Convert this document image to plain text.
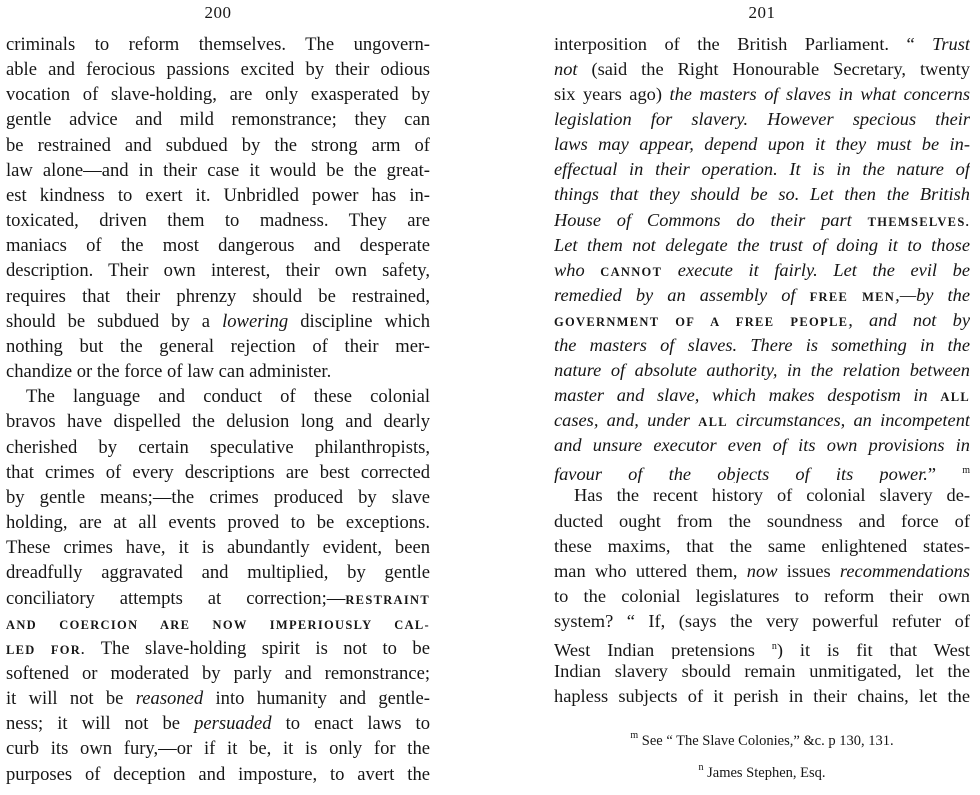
200
criminals to reform themselves. The ungovern-
able and ferocious passions excited by their odious
vocation of slave-holding, are only exasperated by
gentle advice and mild remonstrance; they can
be restrained and subdued by the strong arm of
law alone—and in their case it would be the great-
est kindness to exert it. Unbridled power has in-
toxicated, driven them to madness. They are
maniacs of the most dangerous and desperate
description. Their own interest, their own safety,
requires that their phrenzy should be restrained,
should be subdued by a lowering discipline which
nothing but the general rejection of their mer-
chandize or the force of law can administer.
The language and conduct of these colonial
bravos have dispelled the delusion long and dearly
cherished by certain speculative philanthropists,
that crimes of every descriptions are best corrected
by gentle means;—the crimes produced by slave
holding, are at all events proved to be exceptions.
These crimes have, it is abundantly evident, been
dreadfully aggravated and multiplied, by gentle
conciliatory attempts at correction;—RESTRAINT
AND COERCION ARE NOW IMPERIOUSLY CAL-
LED FOR. The slave-holding spirit is not to be
softened or moderated by parly and remonstrance;
it will not be reasoned into humanity and gentle-
ness; it will not be persuaded to enact laws to
curb its own fury,—or if it be, it is only for the
purposes of deception and imposture, to avert the
201
interposition of the British Parliament. “ Trust
not (said the Right Honourable Secretary, twenty
six years ago) the masters of slaves in what concerns
legislation for slavery. However specious their
laws may appear, depend upon it they must be in-
effectual in their operation. It is in the nature of
things that they should be so. Let then the British
House of Commons do their part THEMSELVES.
Let them not delegate the trust of doing it to those
who CANNOT execute it fairly. Let the evil be
remedied by an assembly of FREE MEN,—by the
GOVERNMENT OF A FREE PEOPLE, and not by
the masters of slaves. There is something in the
nature of absolute authority, in the relation between
master and slave, which makes despotism in ALL
cases, and, under ALL circumstances, an incompetent
and unsure executor even of its own provisions in
favour of the objects of its power.” $^m$
Has the recent history of colonial slavery de-
ducted ought from the soundness and force of
these maxims, that the same enlightened states-
man who uttered them, now issues recommendations
to the colonial legislatures to reform their own
system? “ If, (says the very powerful refuter of
West Indian pretensions $^n$) it is fit that West
Indian slavery sbould remain unmitigated, let the
hapless subjects of it perish in their chains, let the
$^m$ See “ The Slave Colonies,” &c. p 130, 131.
$^n$ James Stephen, Esq.
